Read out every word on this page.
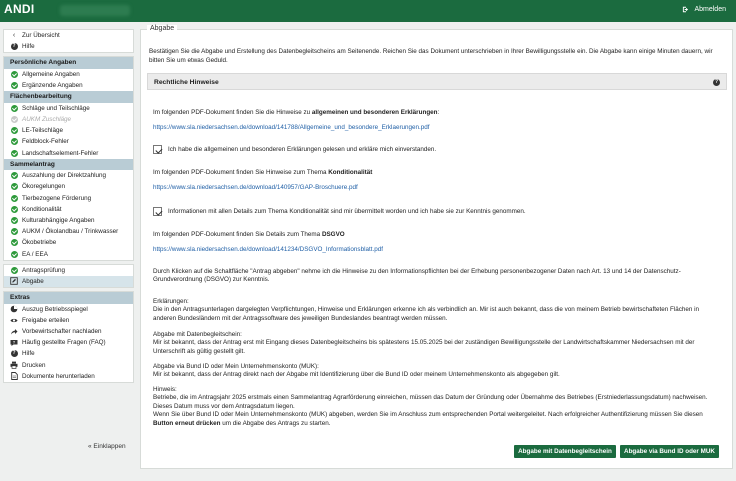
ANDI	Abmelden
‹ Zur Übersicht
?	Hilfe
Persönliche Angaben
Allgemeine Angaben
Ergänzende Angaben
Flächenbearbeitung
Schläge und Teilschläge
AUKM Zuschläge
LE-Teilschläge
Feldblock-Fehler
Landschaftselement-Fehler
Sammelantrag
Auszahlung der Direktzahlung
Ökoregelungen
Tierbezogene Förderung
Konditionalität
Kulturabhängige Angaben
AUKM / Ökolandbau / Trinkwasser
Ökobetriebe
EA / EEA
Antragsprüfung
Abgabe
Extras
Auszug Betriebsspiegel
Freigabe erteilen
Vorbewirtschafter nachladen
? Häufig gestellte Fragen (FAQ)
?	Hilfe
Drucken
Dokumente herunterladen
« Einklappen
Abgabe
Bestätigen Sie die Abgabe und Erstellung des Datenbegleitscheins am Seitenende. Reichen Sie das Dokument unterschrieben in Ihrer Bewilligungsstelle ein. Die Abgabe kann einige Minuten dauern, wir bitten Sie um etwas Geduld.
Rechtliche Hinweise	?
Im folgenden PDF-Dokument finden Sie die Hinweise zu allgemeinen und besonderen Erklärungen:
https://www.sla.niedersachsen.de/download/141788/Allgemeine_und_besondere_Erklaerungen.pdf
Ich habe die allgemeinen und besonderen Erklärungen gelesen und erkläre mich einverstanden.
Im folgenden PDF-Dokument finden Sie Hinweise zum Thema Konditionalität
https://www.sla.niedersachsen.de/download/140957/GAP-Broschuere.pdf
Informationen mit allen Details zum Thema Konditionalität sind mir übermittelt worden und ich habe sie zur Kenntnis genommen.
Im folgenden PDF-Dokument finden Sie Details zum Thema DSGVO
https://www.sla.niedersachsen.de/download/141234/DSGVO_Informationsblatt.pdf
Durch Klicken auf die Schaltfläche "Antrag abgeben" nehme ich die Hinweise zu den Informationspflichten bei der Erhebung personenbezogener Daten nach Art. 13 und 14 der Datenschutz-Grundverordnung (DSGVO) zur Kenntnis.
Erklärungen:
Die in den Antragsunterlagen dargelegten Verpflichtungen, Hinweise und Erklärungen erkenne ich als verbindlich an. Mir ist auch bekannt, dass die von meinem Betrieb bewirtschafteten Flächen in anderen Bundesländern mit der Antragssoftware des jeweiligen Bundeslandes beantragt werden müssen.
Abgabe mit Datenbegleitschein:
Mir ist bekannt, dass der Antrag erst mit Eingang dieses Datenbegleitscheins bis spätestens 15.05.2025 bei der zuständigen Bewilligungsstelle der Landwirtschaftskammer Niedersachsen mit der Unterschrift als gültig gestellt gilt.
Abgabe via Bund ID oder Mein Unternehmenskonto (MUK):
Mir ist bekannt, dass der Antrag direkt nach der Abgabe mit Identifizierung über die Bund ID oder meinem Unternehmenskonto als abgegeben gilt.
Hinweis:
Betriebe, die im Antragsjahr 2025 erstmals einen Sammelantrag Agrarförderung einreichen, müssen das Datum der Gründung oder Übernahme des Betriebes (Erstniederlassungsdatum) nachweisen. Dieses Datum muss vor dem Antragsdatum liegen.
Wenn Sie über Bund ID oder Mein Unternehmenskonto (MUK) abgeben, werden Sie im Anschluss zum entsprechenden Portal weitergeleitet. Nach erfolgreicher Authentifizierung müssen Sie diesen Button erneut drücken um die Abgabe des Antrags zu starten.
Abgabe mit Datenbegleitschein	Abgabe via Bund ID oder MUK
